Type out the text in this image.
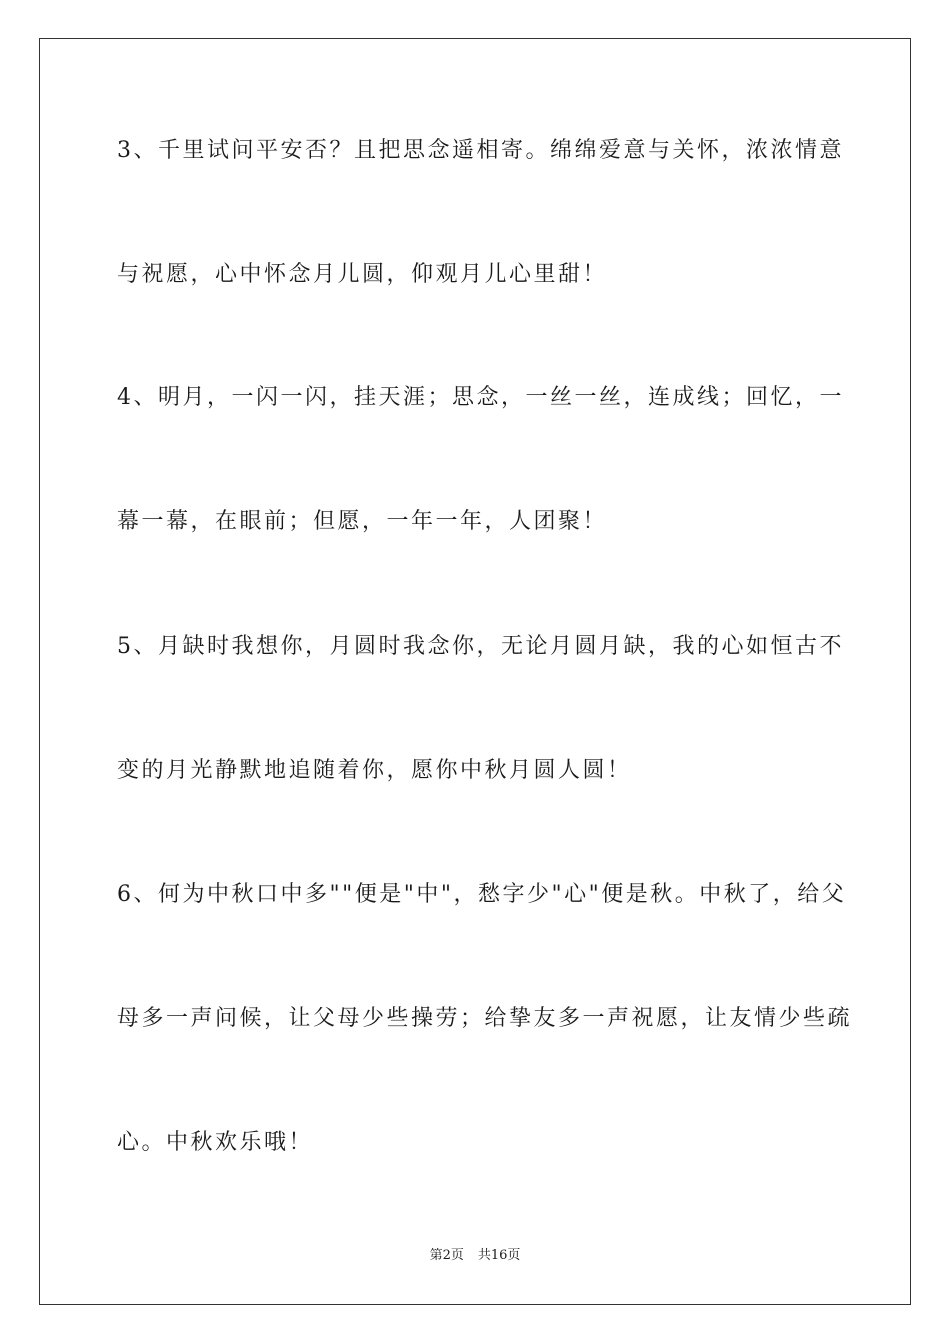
3、千里试问平安否？且把思念遥相寄。绵绵爱意与关怀，浓浓情意
与祝愿，心中怀念月儿圆，仰观月儿心里甜！
4、明月，一闪一闪，挂天涯；思念，一丝一丝，连成线；回忆，一
幕一幕，在眼前；但愿，一年一年，人团聚！
5、月缺时我想你，月圆时我念你，无论月圆月缺，我的心如恒古不
变的月光静默地追随着你，愿你中秋月圆人圆！
6、何为中秋口中多""便是"中"，愁字少"心"便是秋。中秋了，给父
母多一声问候，让父母少些操劳；给挚友多一声祝愿，让友情少些疏
心。中秋欢乐哦！
第2页 共16页
